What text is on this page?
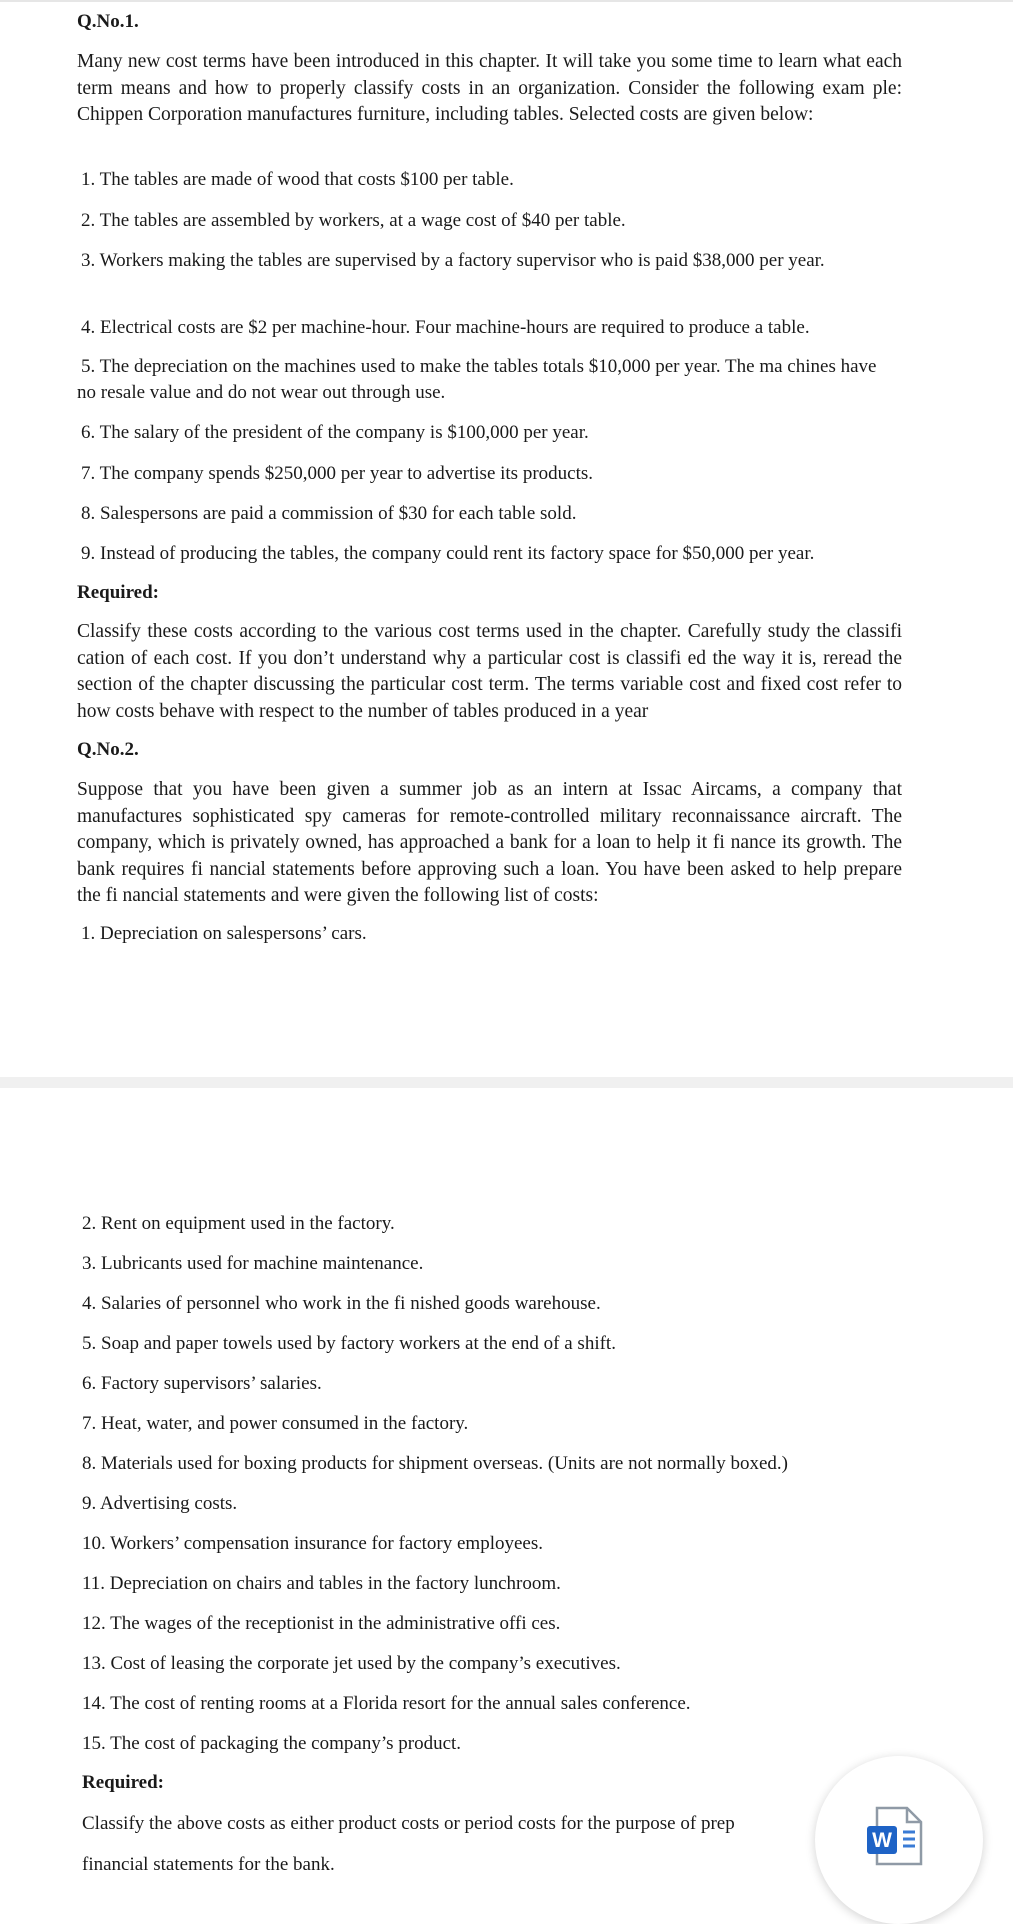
Q.No.1.
Many new cost terms have been introduced in this chapter. It will take you some time to learn what each term means and how to properly classify costs in an organization. Consider the following exam ple: Chippen Corporation manufactures furniture, including tables. Selected costs are given below:
1. The tables are made of wood that costs $100 per table.
2. The tables are assembled by workers, at a wage cost of $40 per table.
3. Workers making the tables are supervised by a factory supervisor who is paid $38,000 per year.
4. Electrical costs are $2 per machine-hour. Four machine-hours are required to produce a table.
5. The depreciation on the machines used to make the tables totals $10,000 per year. The ma chines have no resale value and do not wear out through use.
6. The salary of the president of the company is $100,000 per year.
7. The company spends $250,000 per year to advertise its products.
8. Salespersons are paid a commission of $30 for each table sold.
9. Instead of producing the tables, the company could rent its factory space for $50,000 per year.
Required:
Classify these costs according to the various cost terms used in the chapter. Carefully study the classifi cation of each cost. If you don’t understand why a particular cost is classifi ed the way it is, reread the section of the chapter discussing the particular cost term. The terms variable cost and fixed cost refer to how costs behave with respect to the number of tables produced in a year
Q.No.2.
Suppose that you have been given a summer job as an intern at Issac Aircams, a company that manufactures sophisticated spy cameras for remote-controlled military reconnaissance aircraft. The company, which is privately owned, has approached a bank for a loan to help it fi nance its growth. The bank requires fi nancial statements before approving such a loan. You have been asked to help prepare the fi nancial statements and were given the following list of costs:
1. Depreciation on salespersons’ cars.
2. Rent on equipment used in the factory.
3. Lubricants used for machine maintenance.
4. Salaries of personnel who work in the fi nished goods warehouse.
5. Soap and paper towels used by factory workers at the end of a shift.
6. Factory supervisors’ salaries.
7. Heat, water, and power consumed in the factory.
8. Materials used for boxing products for shipment overseas. (Units are not normally boxed.)
9. Advertising costs.
10. Workers’ compensation insurance for factory employees.
11. Depreciation on chairs and tables in the factory lunchroom.
12. The wages of the receptionist in the administrative offi ces.
13. Cost of leasing the corporate jet used by the company’s executives.
14. The cost of renting rooms at a Florida resort for the annual sales conference.
15. The cost of packaging the company’s product.
Required:
Classify the above costs as either product costs or period costs for the purpose of prep
financial statements for the bank.
W
